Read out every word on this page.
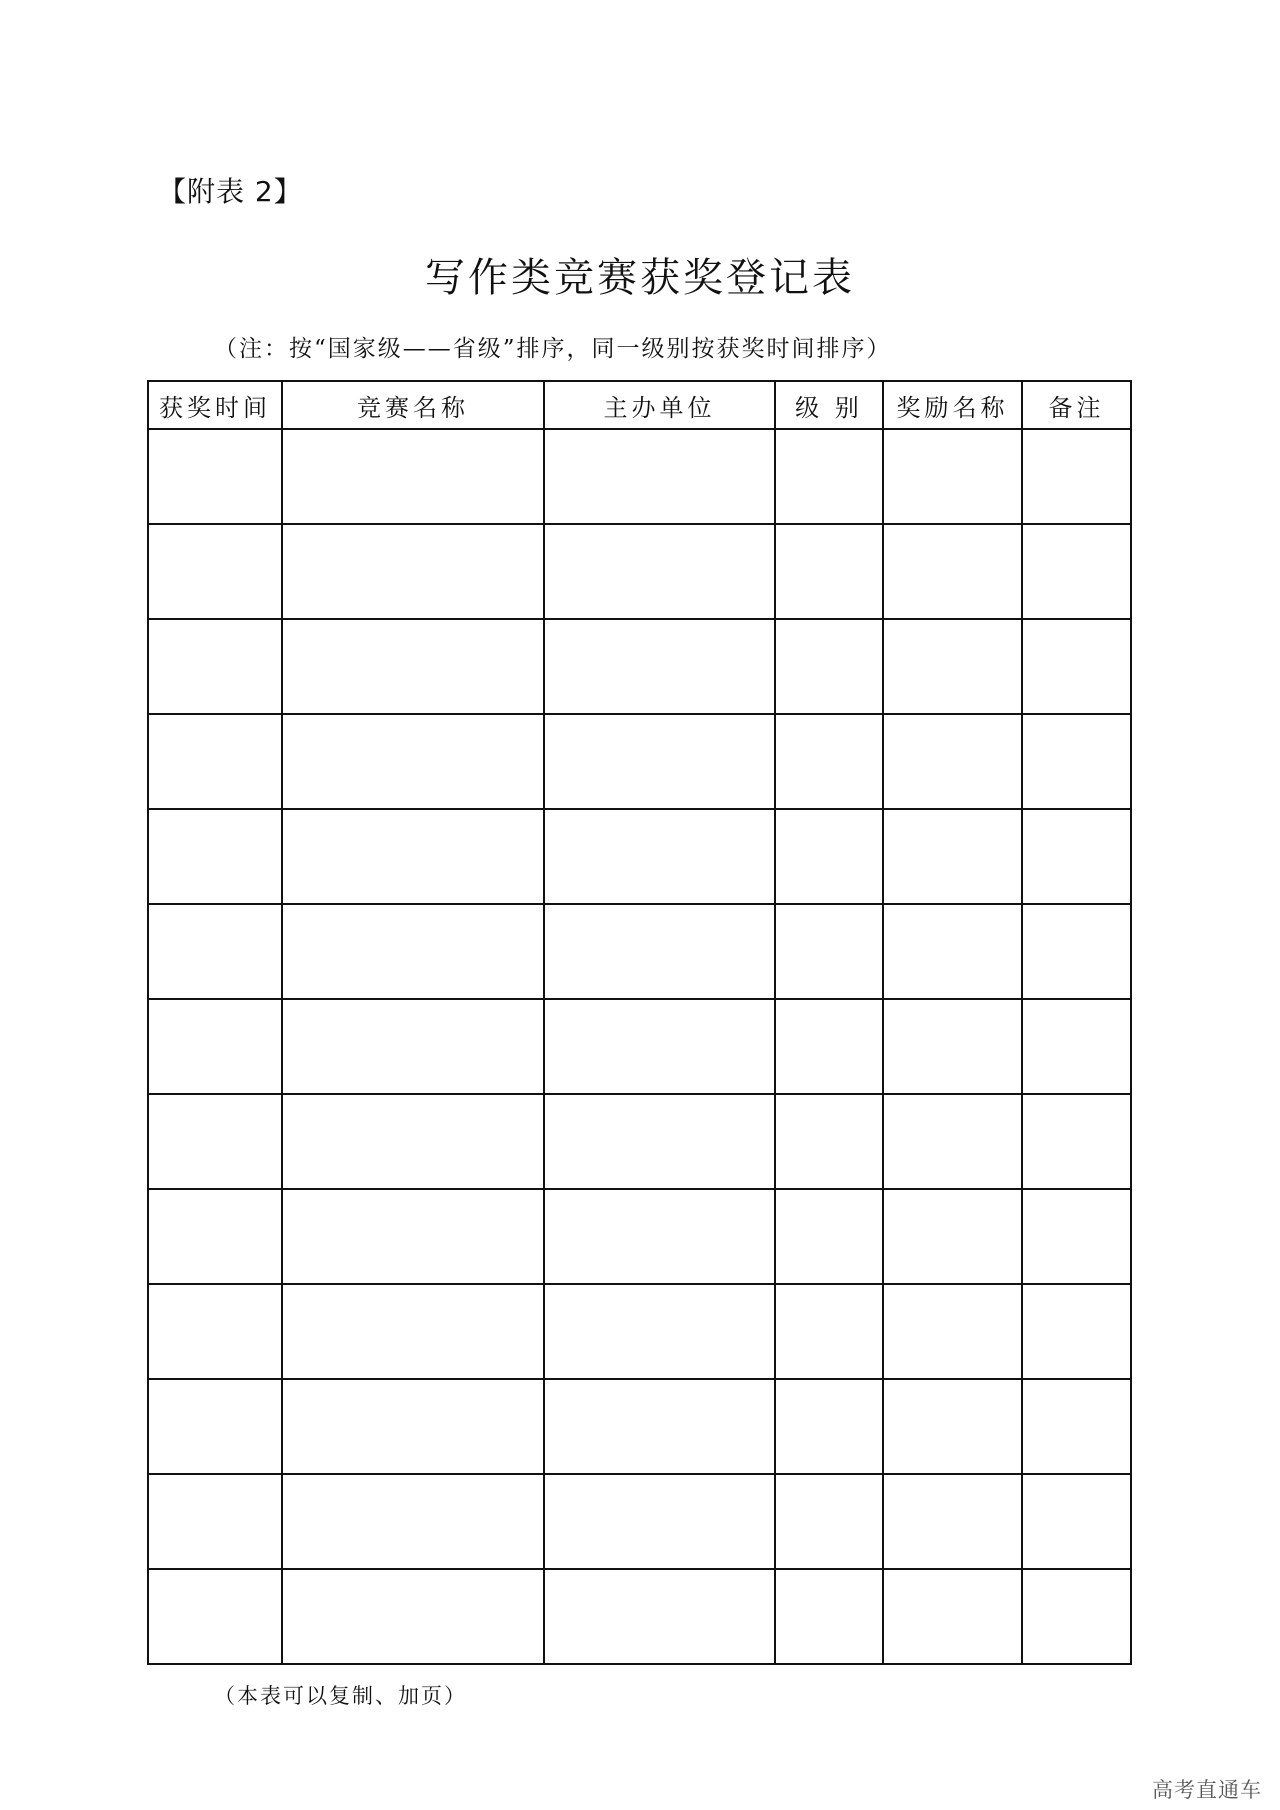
【附表 2】
写作类竞赛获奖登记表
（注：按“国家级——省级”排序，同一级别按获奖时间排序）
获奖时间	竞赛名称	主办单位	级 别	奖励名称	备注

（本表可以复制、加页）
高考直通车
